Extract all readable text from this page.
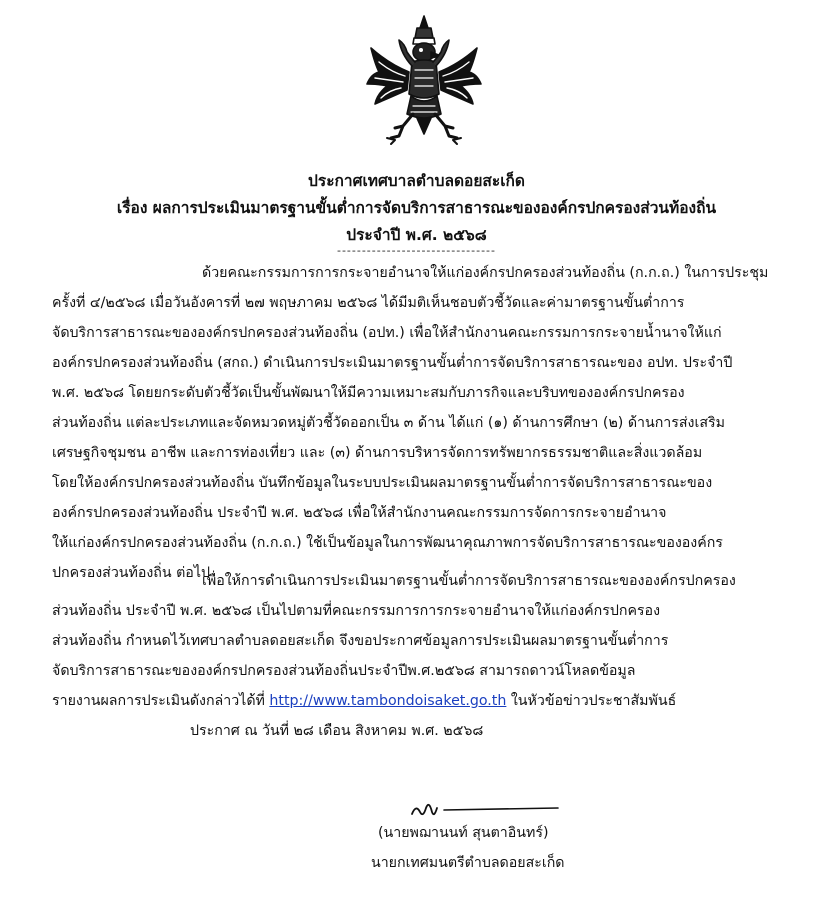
ประกาศเทศบาลตำบลดอยสะเก็ด
เรื่อง ผลการประเมินมาตรฐานขั้นต่ำการจัดบริการสาธารณะขององค์กรปกครองส่วนท้องถิ่น
ประจำปี พ.ศ. ๒๕๖๘
--------------------------------
ด้วยคณะกรรมการการกระจายอำนาจให้แก่องค์กรปกครองส่วนท้องถิ่น (ก.ก.ถ.) ในการประชุม
ครั้งที่ ๔/๒๕๖๘ เมื่อวันอังคารที่ ๒๗ พฤษภาคม ๒๕๖๘ ได้มีมติเห็นชอบตัวชี้วัดและค่ามาตรฐานขั้นต่ำการ
จัดบริการสาธารณะขององค์กรปกครองส่วนท้องถิ่น (อปท.) เพื่อให้สำนักงานคณะกรรมการกระจายน้ำนาจให้แก่
องค์กรปกครองส่วนท้องถิ่น (สกถ.) ดำเนินการประเมินมาตรฐานขั้นต่ำการจัดบริการสาธารณะของ อปท. ประจำปี
พ.ศ. ๒๕๖๘ โดยยกระดับตัวชี้วัดเป็นขั้นพัฒนาให้มีความเหมาะสมกับภารกิจและบริบทขององค์กรปกครอง
ส่วนท้องถิ่น แต่ละประเภทและจัดหมวดหมู่ตัวชี้วัดออกเป็น ๓ ด้าน ได้แก่ (๑) ด้านการศึกษา (๒) ด้านการส่งเสริม
เศรษฐกิจชุมชน อาชีพ และการท่องเที่ยว และ (๓) ด้านการบริหารจัดการทรัพยากรธรรมชาติและสิ่งแวดล้อม
โดยให้องค์กรปกครองส่วนท้องถิ่น บันทึกข้อมูลในระบบประเมินผลมาตรฐานขั้นต่ำการจัดบริการสาธารณะของ
องค์กรปกครองส่วนท้องถิ่น ประจำปี พ.ศ. ๒๕๖๘ เพื่อให้สำนักงานคณะกรรมการจัดการกระจายอำนาจ
ให้แก่องค์กรปกครองส่วนท้องถิ่น (ก.ก.ถ.) ใช้เป็นข้อมูลในการพัฒนาคุณภาพการจัดบริการสาธารณะขององค์กร
ปกครองส่วนท้องถิ่น ต่อไป
เพื่อให้การดำเนินการประเมินมาตรฐานขั้นต่ำการจัดบริการสาธารณะขององค์กรปกครอง
ส่วนท้องถิ่น ประจำปี พ.ศ. ๒๕๖๘ เป็นไปตามที่คณะกรรมการการกระจายอำนาจให้แก่องค์กรปกครอง
ส่วนท้องถิ่น กำหนดไว้เทศบาลตำบลดอยสะเก็ด จึงขอประกาศข้อมูลการประเมินผลมาตรฐานขั้นต่ำการ
จัดบริการสาธารณะขององค์กรปกครองส่วนท้องถิ่นประจำปีพ.ศ.๒๕๖๘ สามารถดาวน์โหลดข้อมูล
รายงานผลการประเมินดังกล่าวได้ที่ http://www.tambondoisaket.go.th ในหัวข้อข่าวประชาสัมพันธ์
ประกาศ ณ วันที่ ๒๘ เดือน สิงหาคม พ.ศ. ๒๕๖๘
(นายพฌานนท์ สุนตาอินทร์)
นายกเทศมนตรีตำบลดอยสะเก็ด
